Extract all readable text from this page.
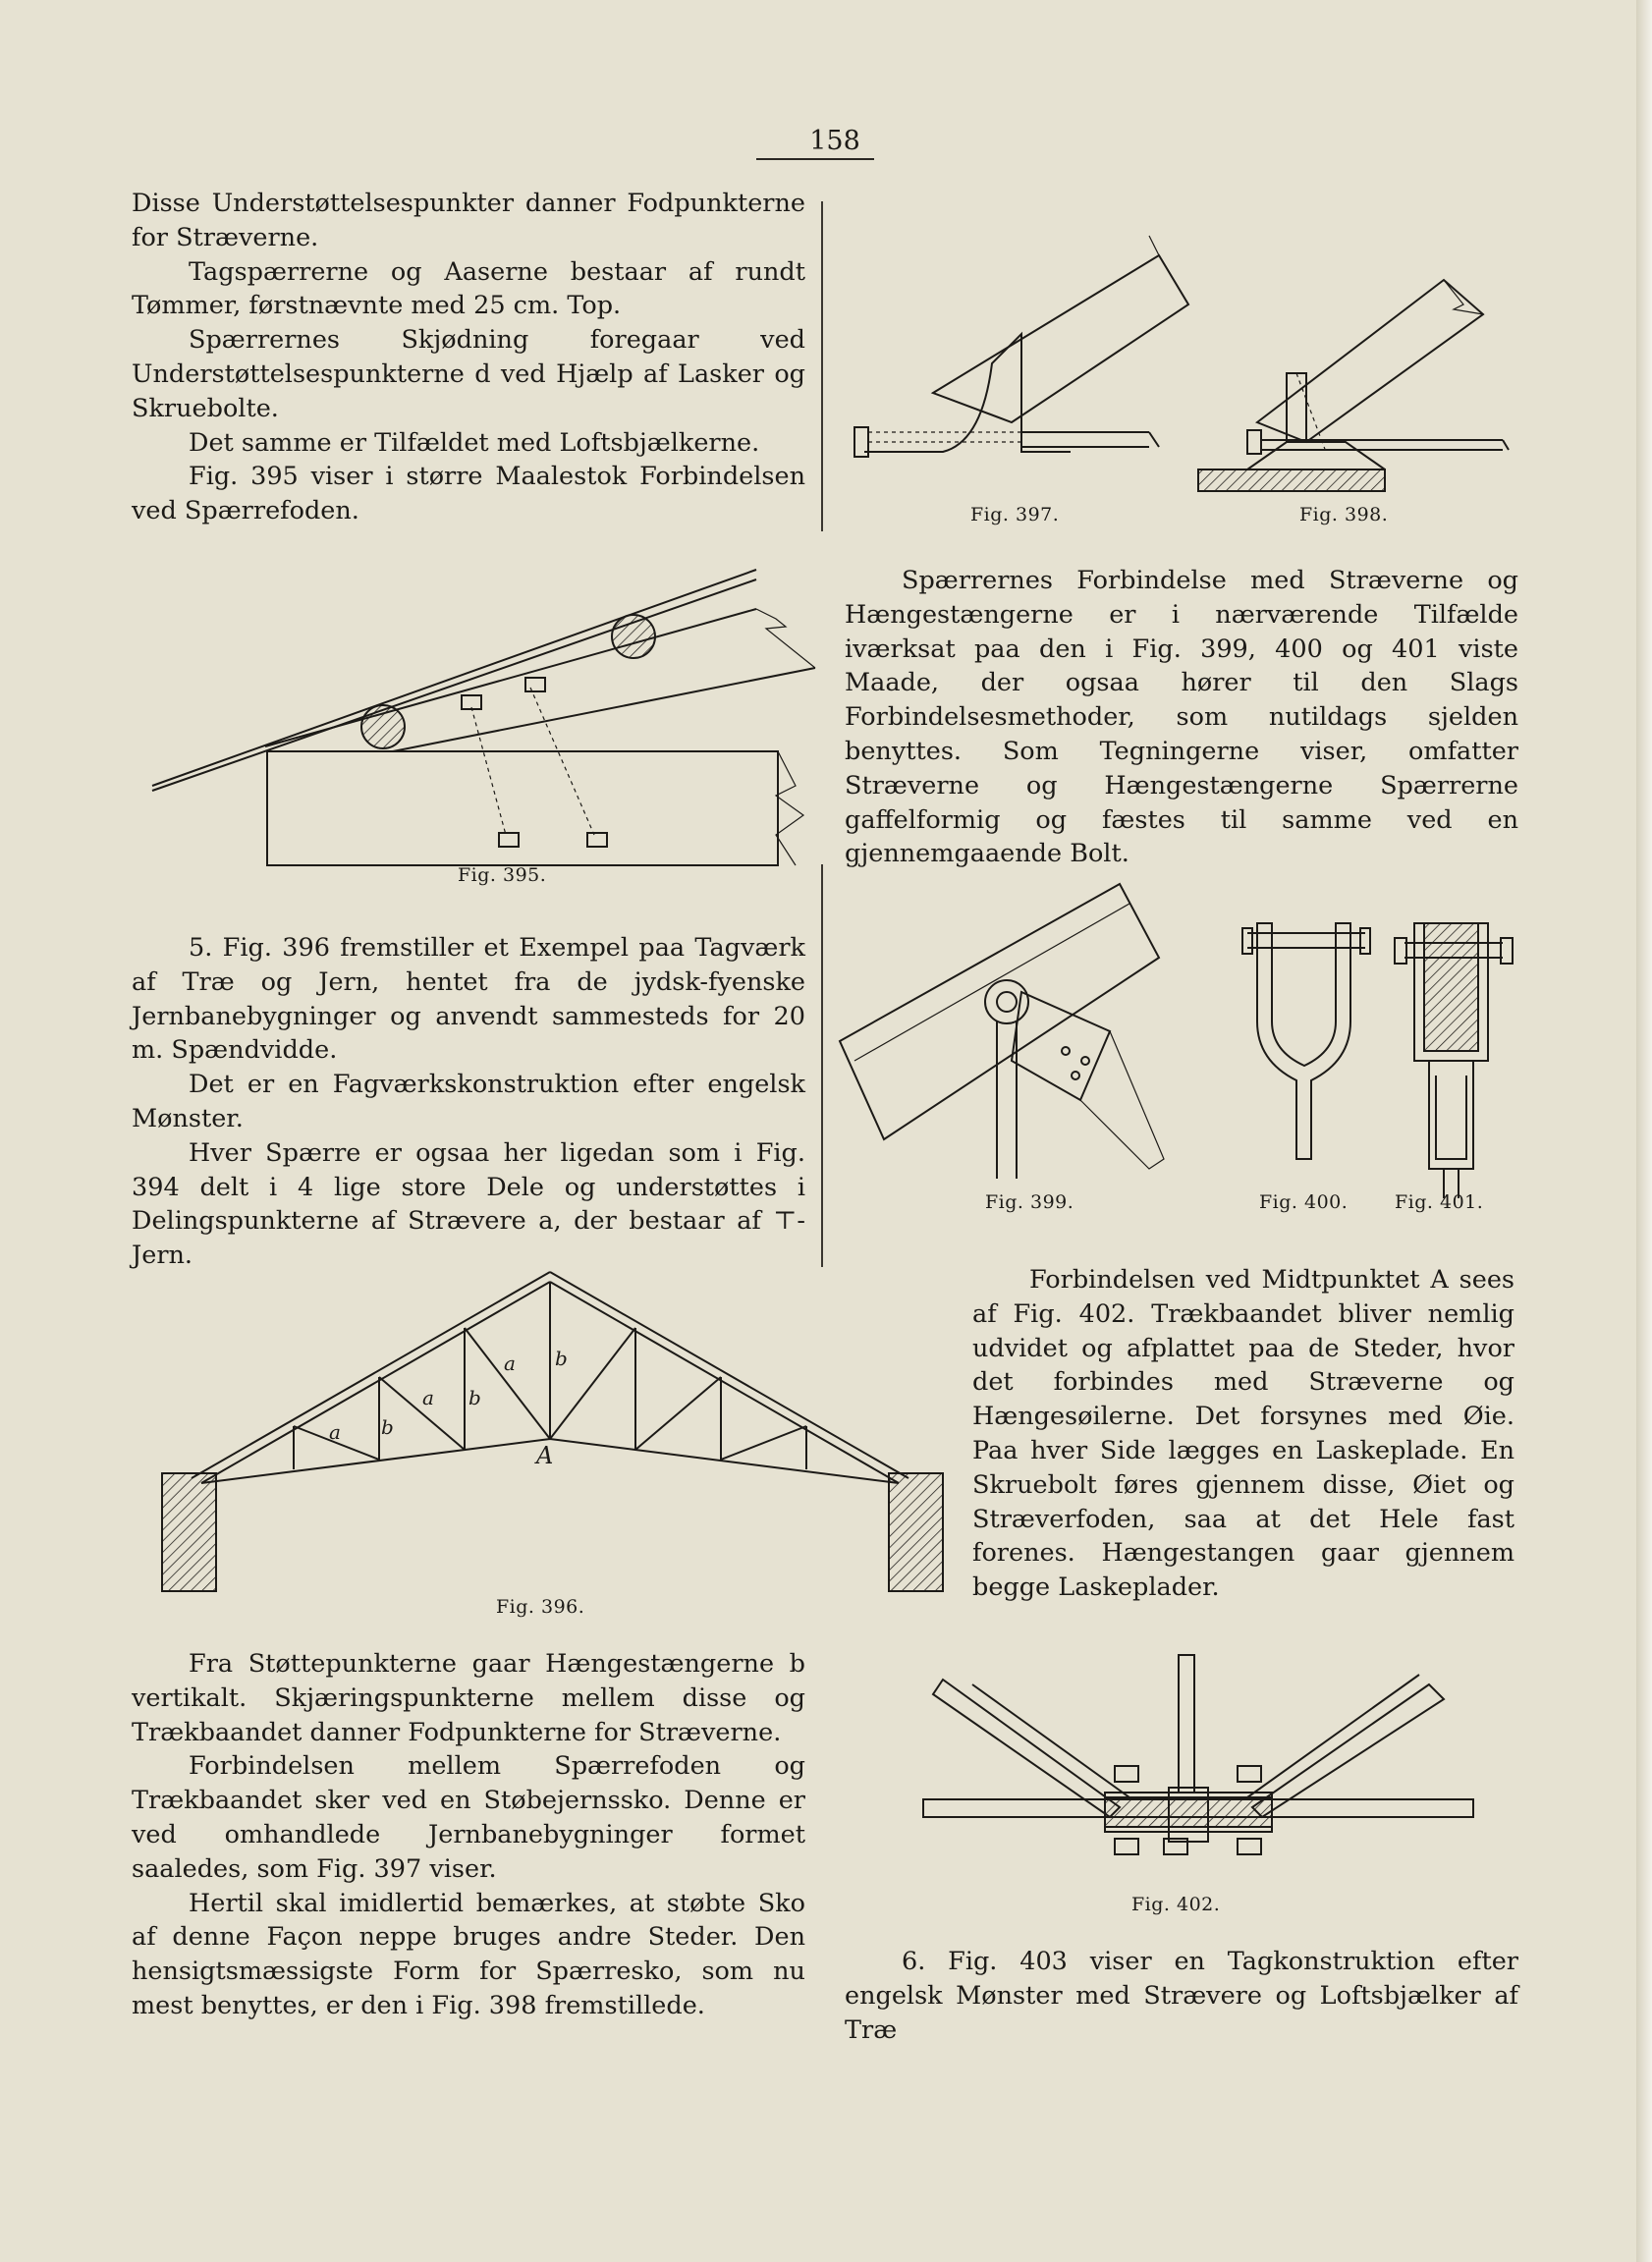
158

Disse Understøttelsespunkter danner Fodpunkterne for Stræverne.

Tagspærrerne og Aaserne bestaar af rundt Tømmer, førstnævnte med 25 cm. Top.

Spærrernes Skjødning foregaar ved Understøttelsespunkterne d ved Hjælp af Lasker og Skruebolte.

Det samme er Tilfældet med Loftsbjælkerne.

Fig. 395 viser i større Maalestok Forbindelsen ved Spærrefoden.

5. Fig. 396 fremstiller et Exempel paa Tagværk af Træ og Jern, hentet fra de jydsk-fyenske Jernbanebygninger og anvendt sammesteds for 20 m. Spændvidde.

Det er en Fagværkskonstruktion efter engelsk Mønster.

Hver Spærre er ogsaa her ligedan som i Fig. 394 delt i 4 lige store Dele og understøttes i Delingspunkterne af Strævere a, der bestaar af ⊤-Jern.

Fra Støttepunkterne gaar Hængestængerne b vertikalt. Skjæringspunkterne mellem disse og Trækbaandet danner Fodpunkterne for Stræverne.

Forbindelsen mellem Spærrefoden og Trækbaandet sker ved en Støbejernssko. Denne er ved omhandlede Jernbanebygninger formet saaledes, som Fig. 397 viser.

Hertil skal imidlertid bemærkes, at støbte Sko af denne Façon neppe bruges andre Steder. Den hensigtsmæssigste Form for Spærresko, som nu mest benyttes, er den i Fig. 398 fremstillede.

Spærrernes Forbindelse med Stræverne og Hængestængerne er i nærværende Tilfælde iværksat paa den i Fig. 399, 400 og 401 viste Maade, der ogsaa hører til den Slags Forbindelsesmethoder, som nutildags sjelden benyttes. Som Tegningerne viser, omfatter Stræverne og Hængestængerne Spærrerne gaffelformig og fæstes til samme ved en gjennemgaaende Bolt.

Forbindelsen ved Midtpunktet A sees af Fig. 402. Trækbaandet bliver nemlig udvidet og afplattet paa de Steder, hvor det forbindes med Stræverne og Hængesøilerne. Det forsynes med Øie. Paa hver Side lægges en Laskeplade. En Skruebolt føres gjennem disse, Øiet og Stræverfoden, saa at det Hele fast forenes. Hængestangen gaar gjennem begge Laskeplader.

6. Fig. 403 viser en Tagkonstruktion efter engelsk Mønster med Strævere og Loftsbjælker af Træ

Fig. 397.	Fig. 398.
Fig. 395.
Fig. 399.	Fig. 400.	Fig. 401.
a b
a b
a b
A
Fig. 396.
Fig. 402.
